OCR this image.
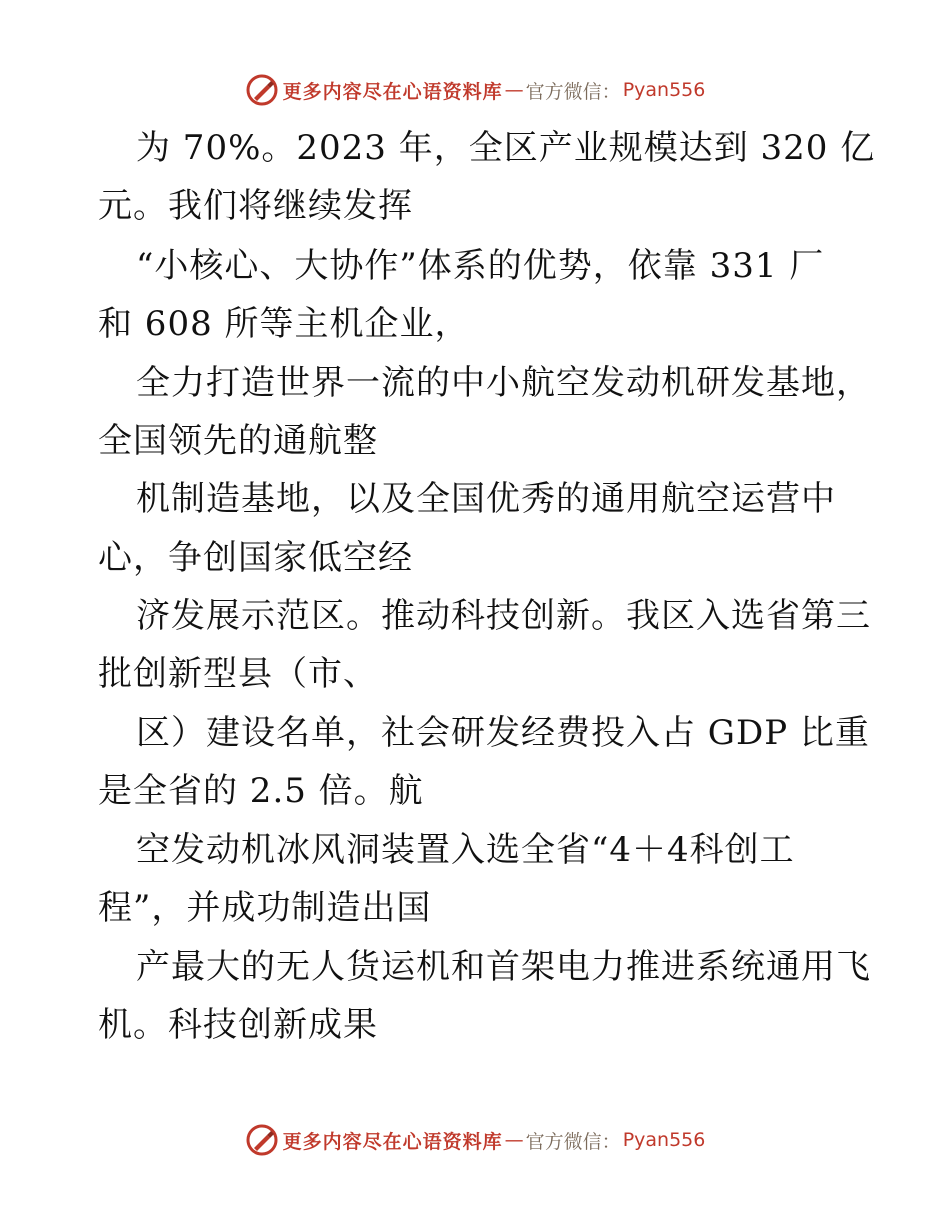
更多内容尽在心语资料库 — 官方微信： Pyan556
为 70%。2023 年，全区产业规模达到 320 亿
元。我们将继续发挥
“小核心、大协作”体系的优势，依靠 331 厂
和 608 所等主机企业，
全力打造世界一流的中小航空发动机研发基地，
全国领先的通航整
机制造基地，以及全国优秀的通用航空运营中
心，争创国家低空经
济发展示范区。推动科技创新。我区入选省第三
批创新型县（市、
区）建设名单，社会研发经费投入占 GDP 比重
是全省的 2.5 倍。航
空发动机冰风洞装置入选全省“4＋4科创工
程”，并成功制造出国
产最大的无人货运机和首架电力推进系统通用飞
机。科技创新成果
更多内容尽在心语资料库 — 官方微信： Pyan556
